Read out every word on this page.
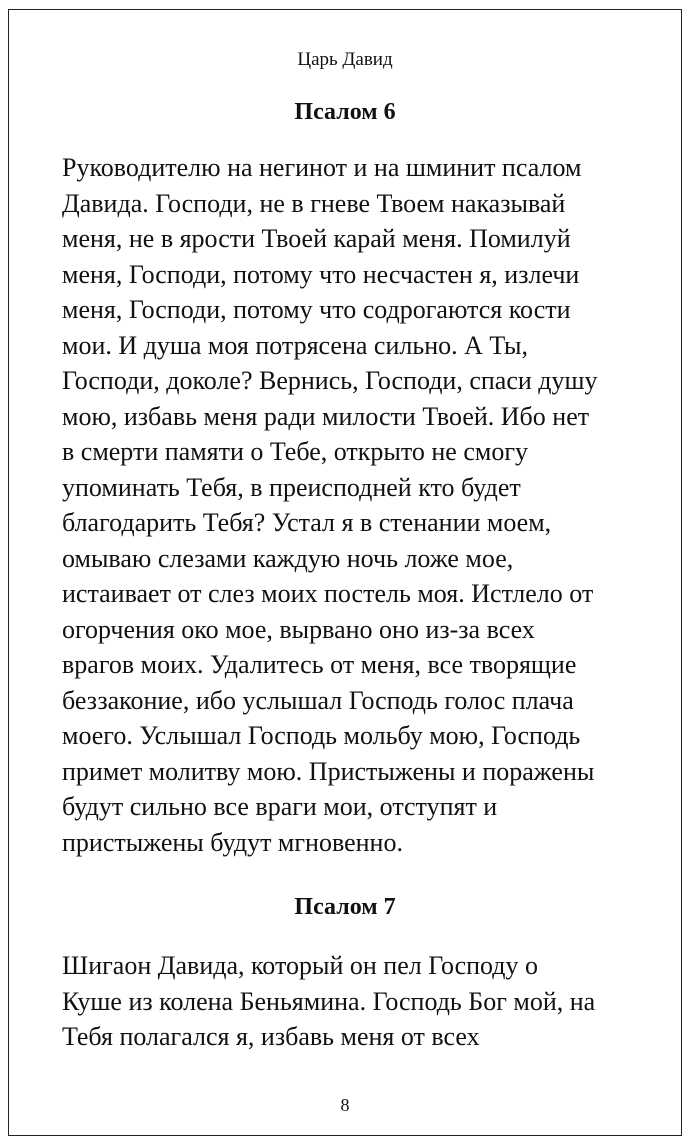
Царь Давид
Псалом 6

Руководителю на негинот и на шминит псалом
Давида. Господи, не в гневе Твоем наказывай
меня, не в ярости Твоей карай меня. Помилуй
меня, Господи, потому что несчастен я, излечи
меня, Господи, потому что содрогаются кости
мои. И душа моя потрясена сильно. А Ты,
Господи, доколе? Вернись, Господи, спаси душу
мою, избавь меня ради милости Твоей. Ибо нет
в смерти памяти о Тебе, открыто не смогу
упоминать Тебя, в преисподней кто будет
благодарить Тебя? Устал я в стенании моем,
омываю слезами каждую ночь ложе мое,
истаивает от слез моих постель моя. Истлело от
огорчения око мое, вырвано оно из-за всех
врагов моих. Удалитесь от меня, все творящие
беззаконие, ибо услышал Господь голос плача
моего. Услышал Господь мольбу мою, Господь
примет молитву мою. Пристыжены и поражены
будут сильно все враги мои, отступят и
пристыжены будут мгновенно.

Псалом 7

Шигаон Давида, который он пел Господу о
Куше из колена Беньямина. Господь Бог мой, на
Тебя полагался я, избавь меня от всех

8
